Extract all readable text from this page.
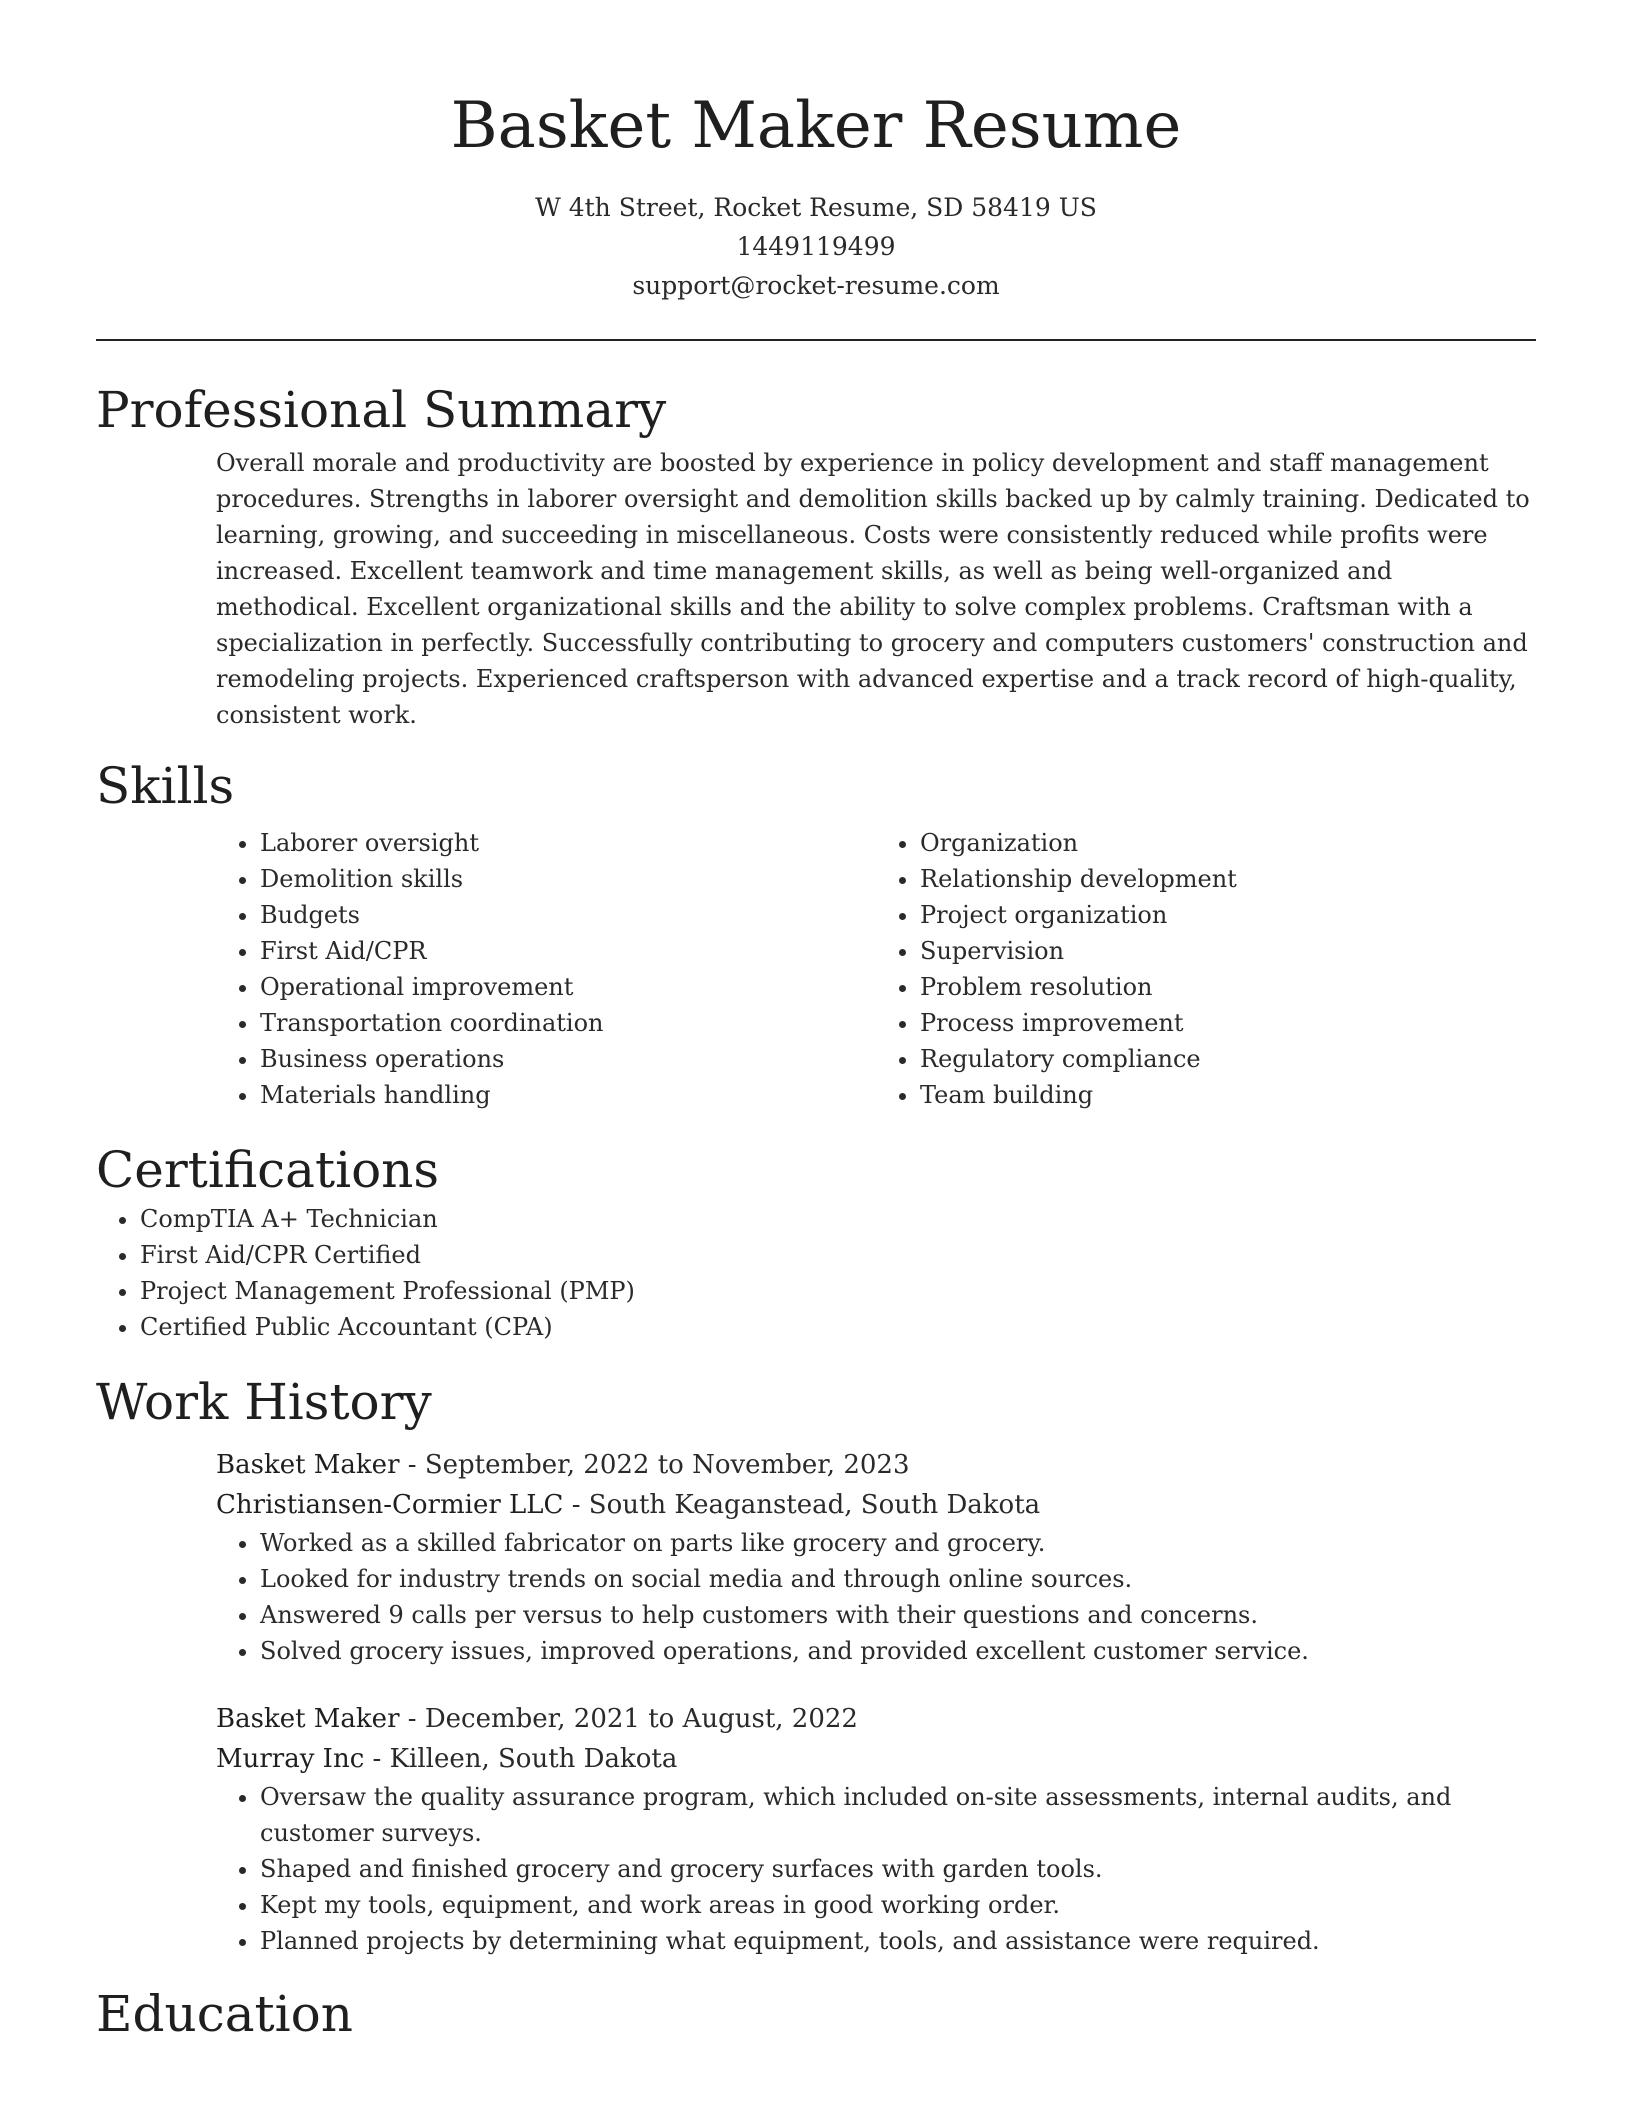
Basket Maker Resume
W 4th Street, Rocket Resume, SD 58419 US
1449119499
support@rocket-resume.com
Professional Summary

Overall morale and productivity are boosted by experience in policy development and staff management procedures. Strengths in laborer oversight and demolition skills backed up by calmly training. Dedicated to learning, growing, and succeeding in miscellaneous. Costs were consistently reduced while profits were increased. Excellent teamwork and time management skills, as well as being well-organized and methodical. Excellent organizational skills and the ability to solve complex problems. Craftsman with a specialization in perfectly. Successfully contributing to grocery and computers customers' construction and remodeling projects. Experienced craftsperson with advanced expertise and a track record of high-quality, consistent work.

Skills
• Laborer oversight
• Demolition skills
• Budgets
• First Aid/CPR
• Operational improvement
• Transportation coordination
• Business operations
• Materials handling
• Organization
• Relationship development
• Project organization
• Supervision
• Problem resolution
• Process improvement
• Regulatory compliance
• Team building
Certifications
• CompTIA A+ Technician
• First Aid/CPR Certified
• Project Management Professional (PMP)
• Certified Public Accountant (CPA)
Work History
Basket Maker - September, 2022 to November, 2023
Christiansen-Cormier LLC - South Keaganstead, South Dakota
• Worked as a skilled fabricator on parts like grocery and grocery.
• Looked for industry trends on social media and through online sources.
• Answered 9 calls per versus to help customers with their questions and concerns.
• Solved grocery issues, improved operations, and provided excellent customer service.
Basket Maker - December, 2021 to August, 2022
Murray Inc - Killeen, South Dakota
• Oversaw the quality assurance program, which included on-site assessments, internal audits, and customer surveys.
• Shaped and finished grocery and grocery surfaces with garden tools.
• Kept my tools, equipment, and work areas in good working order.
• Planned projects by determining what equipment, tools, and assistance were required.
Education
